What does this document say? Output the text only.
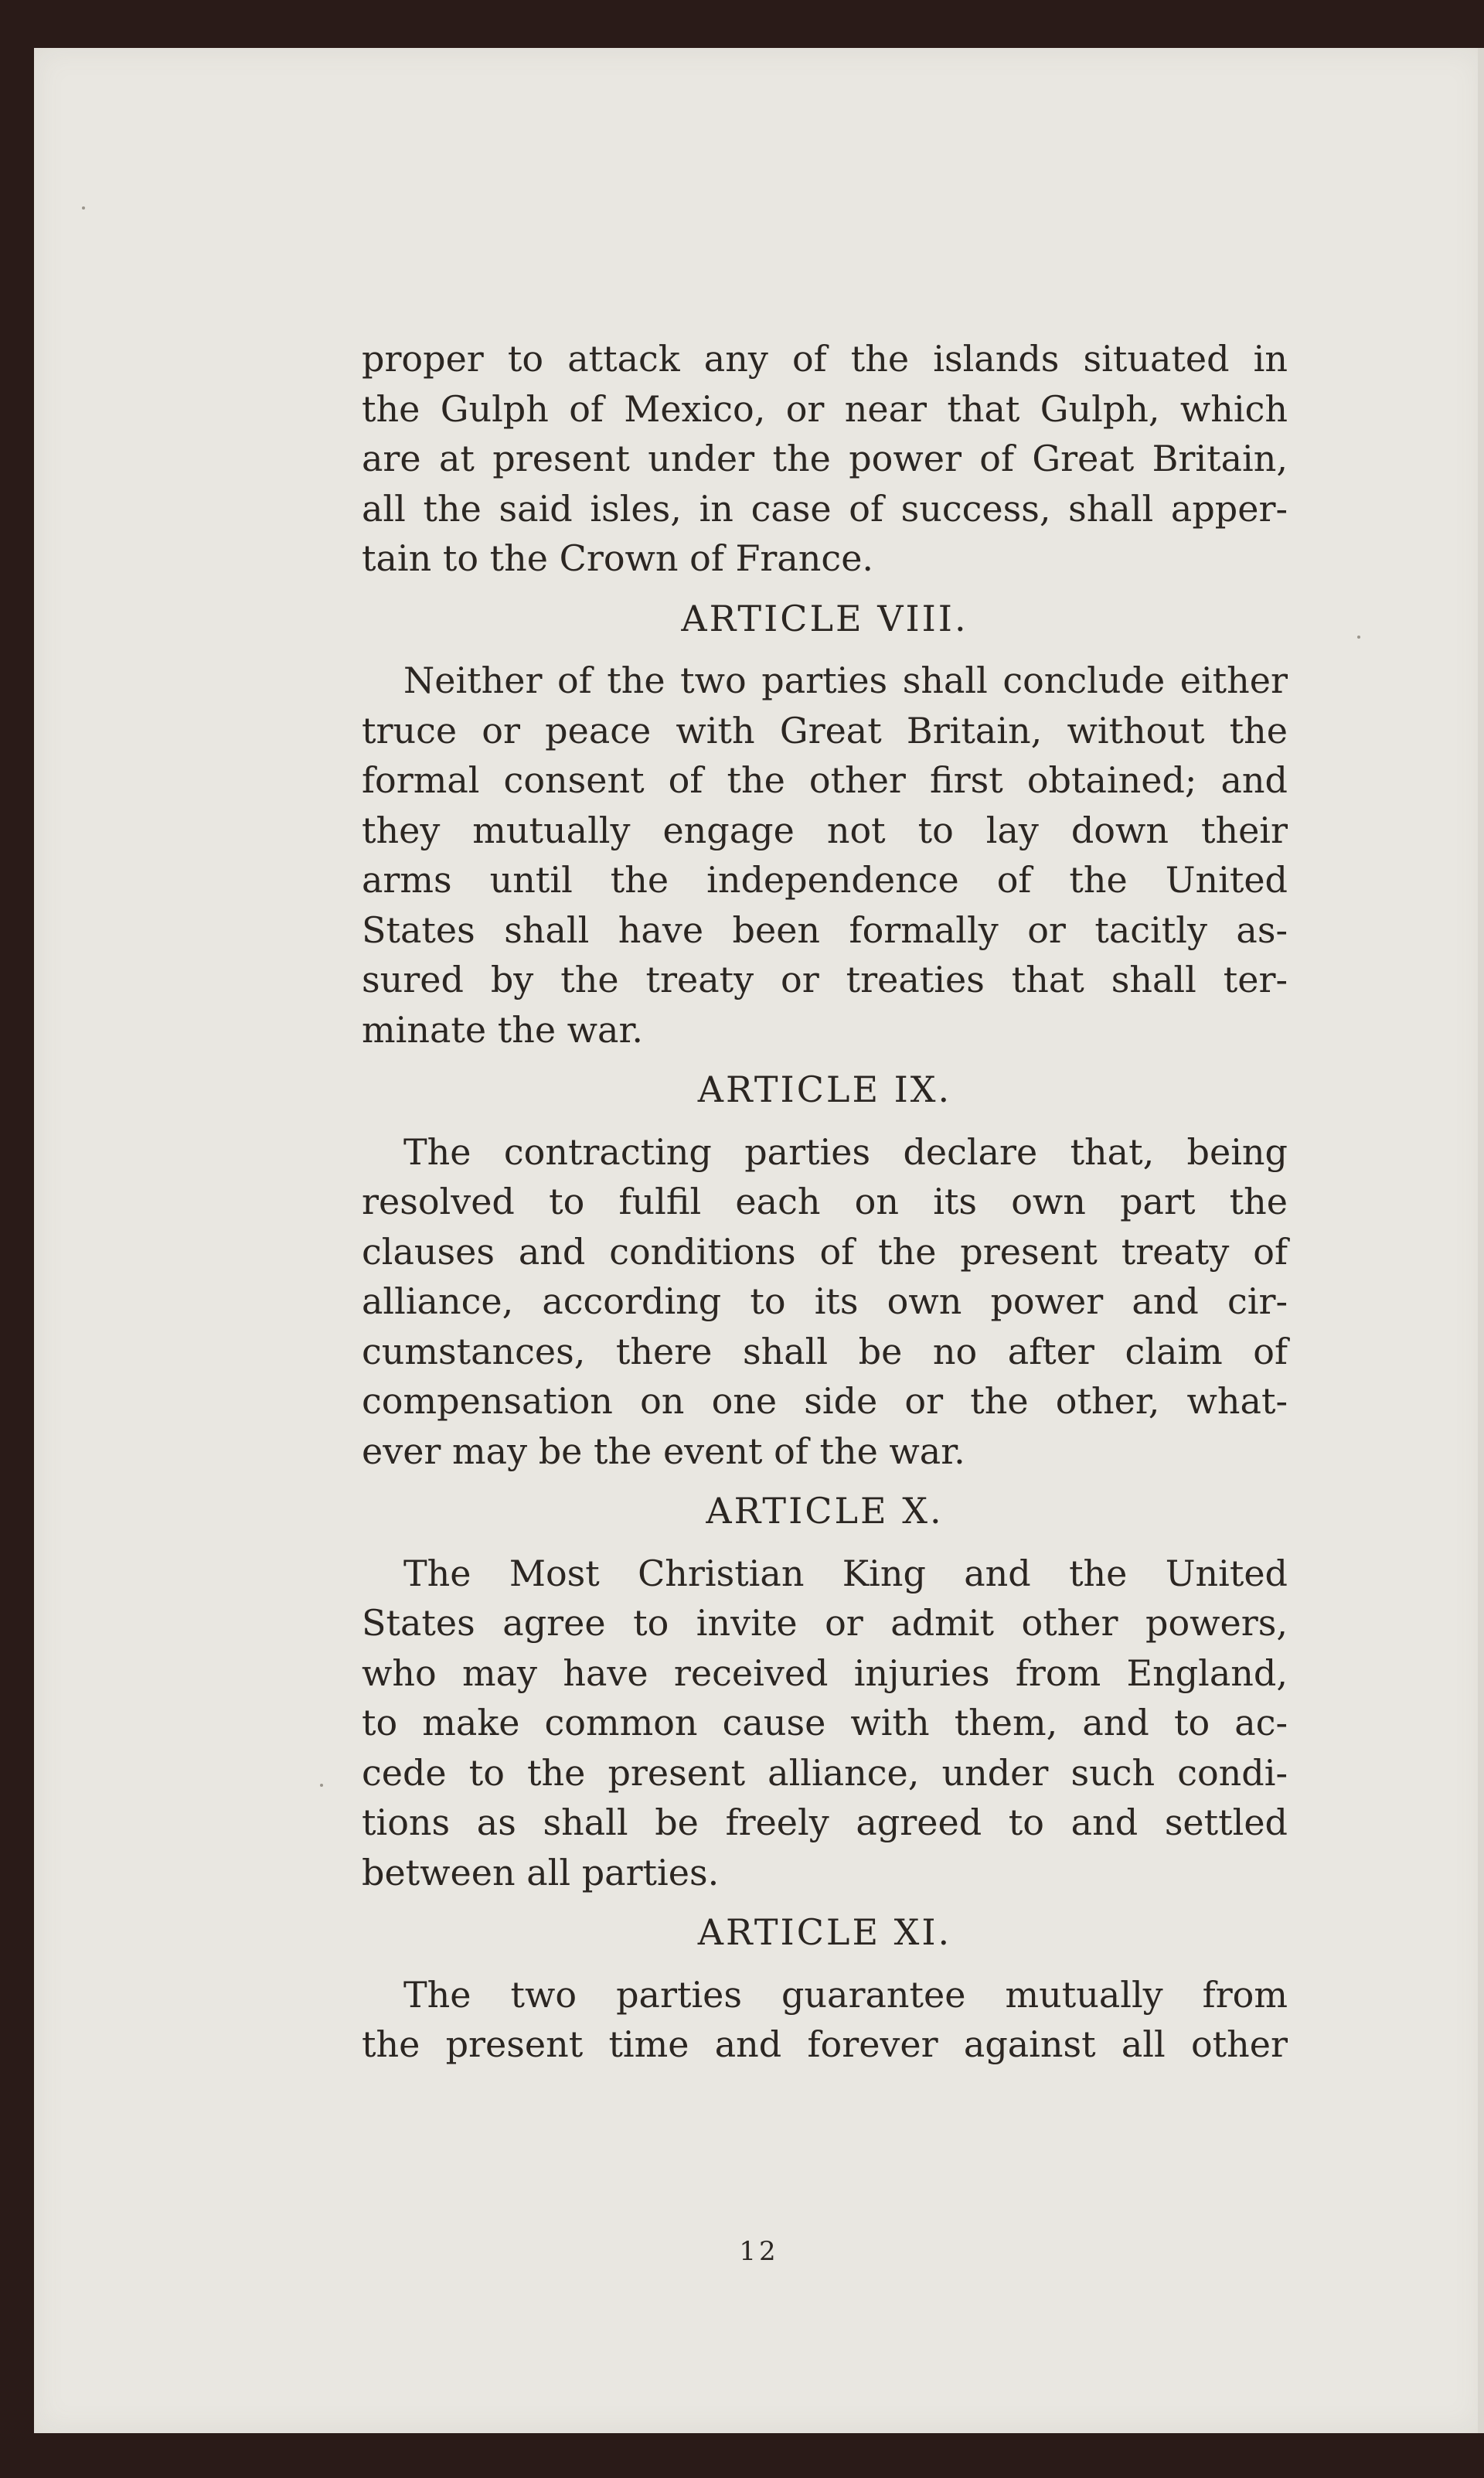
proper to attack any of the islands situated in
the Gulph of Mexico, or near that Gulph, which
are at present under the power of Great Britain,
all the said isles, in case of success, shall apper-
tain to the Crown of France.
ARTICLE VIII.
Neither of the two parties shall conclude either
truce or peace with Great Britain, without the
formal consent of the other first obtained; and
they mutually engage not to lay down their
arms until the independence of the United
States shall have been formally or tacitly as-
sured by the treaty or treaties that shall ter-
minate the war.
ARTICLE IX.
The contracting parties declare that, being
resolved to fulfil each on its own part the
clauses and conditions of the present treaty of
alliance, according to its own power and cir-
cumstances, there shall be no after claim of
compensation on one side or the other, what-
ever may be the event of the war.
ARTICLE X.
The Most Christian King and the United
States agree to invite or admit other powers,
who may have received injuries from England,
to make common cause with them, and to ac-
cede to the present alliance, under such condi-
tions as shall be freely agreed to and settled
between all parties.
ARTICLE XI.
The two parties guarantee mutually from
the present time and forever against all other
12
